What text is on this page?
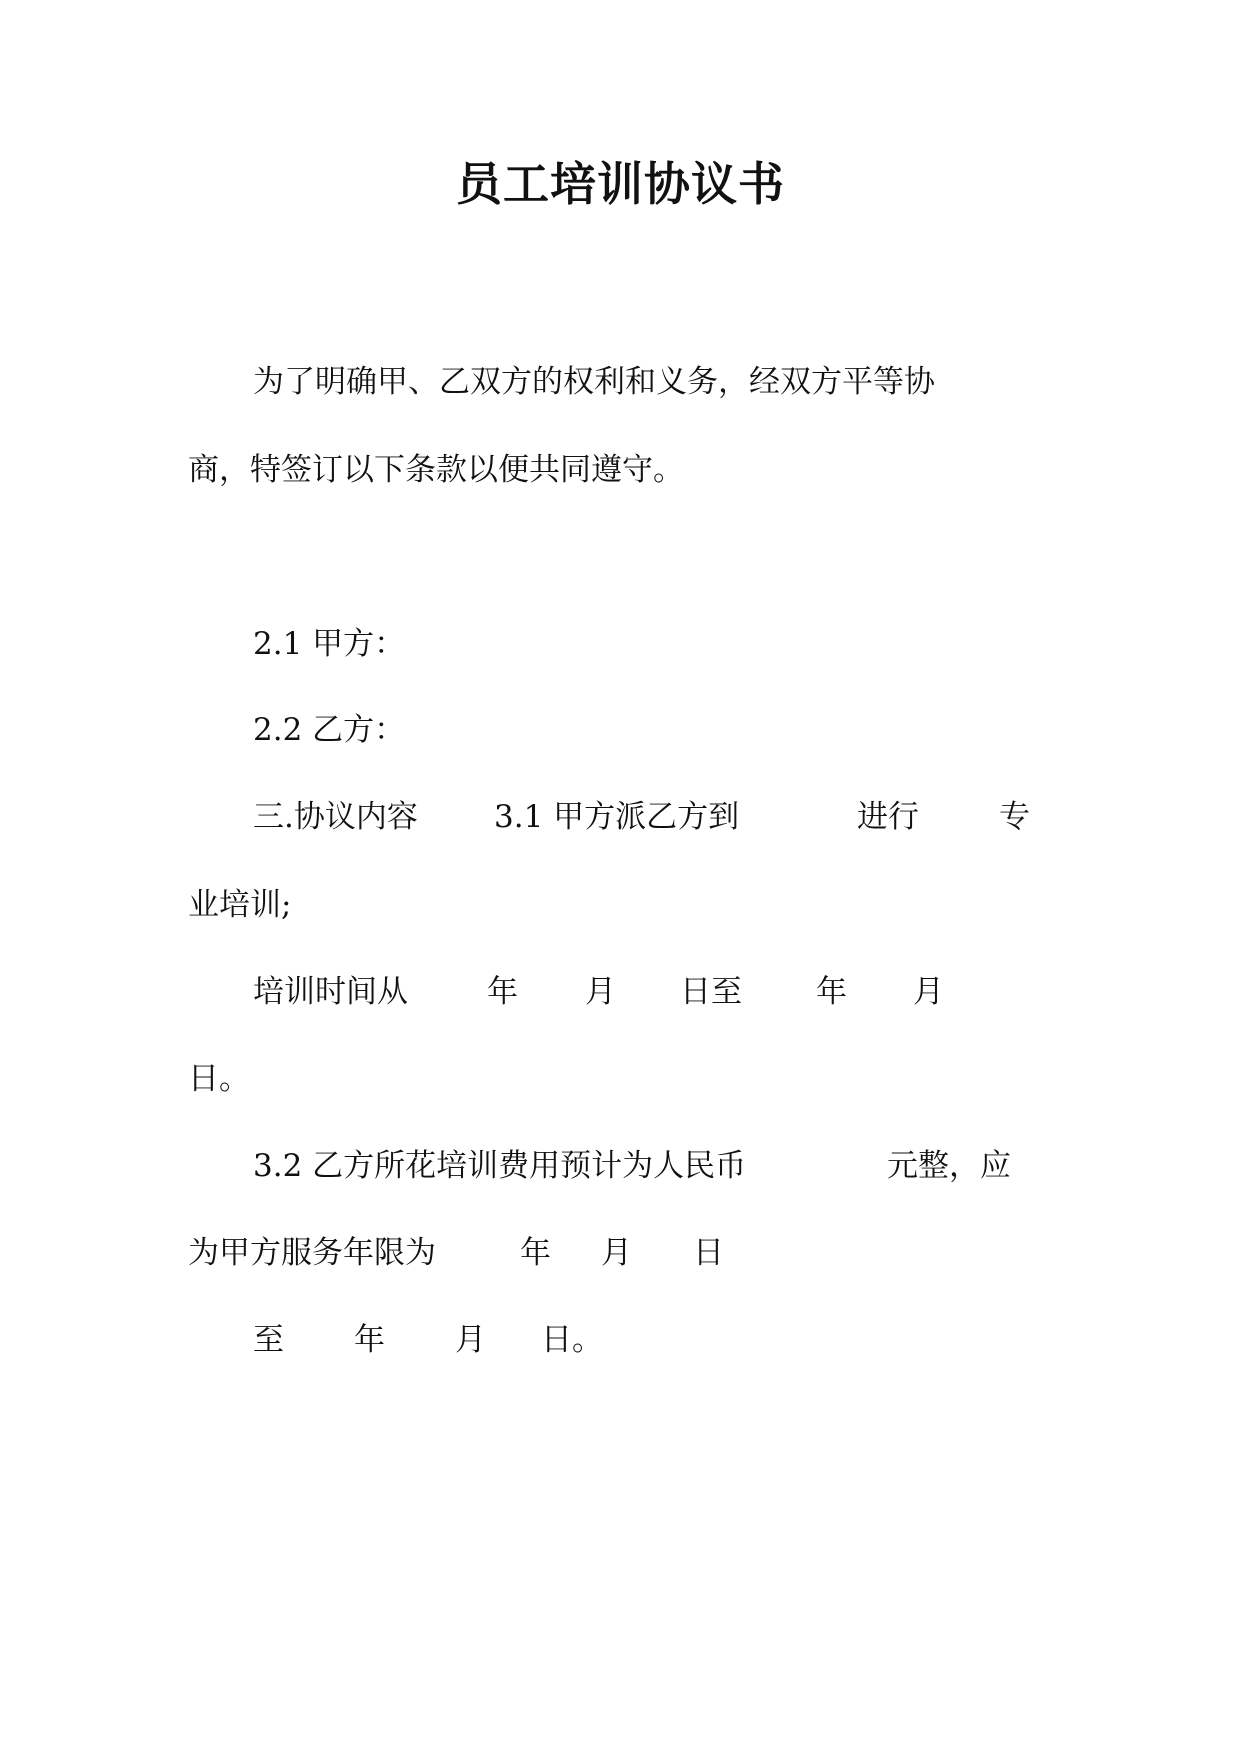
员工培训协议书
为了明确甲、乙双方的权利和义务，经双方平等协
商，特签订以下条款以便共同遵守。
2.1 甲方：
2.2 乙方：
三.协议内容 3.1 甲方派乙方到	进行	专
业培训;
培训时间从	年 月 日至 年 月
日。
3.2 乙方所花培训费用预计为人民币	元整，应
为甲方服务年限为	年 月 日
至 年 月 日。
